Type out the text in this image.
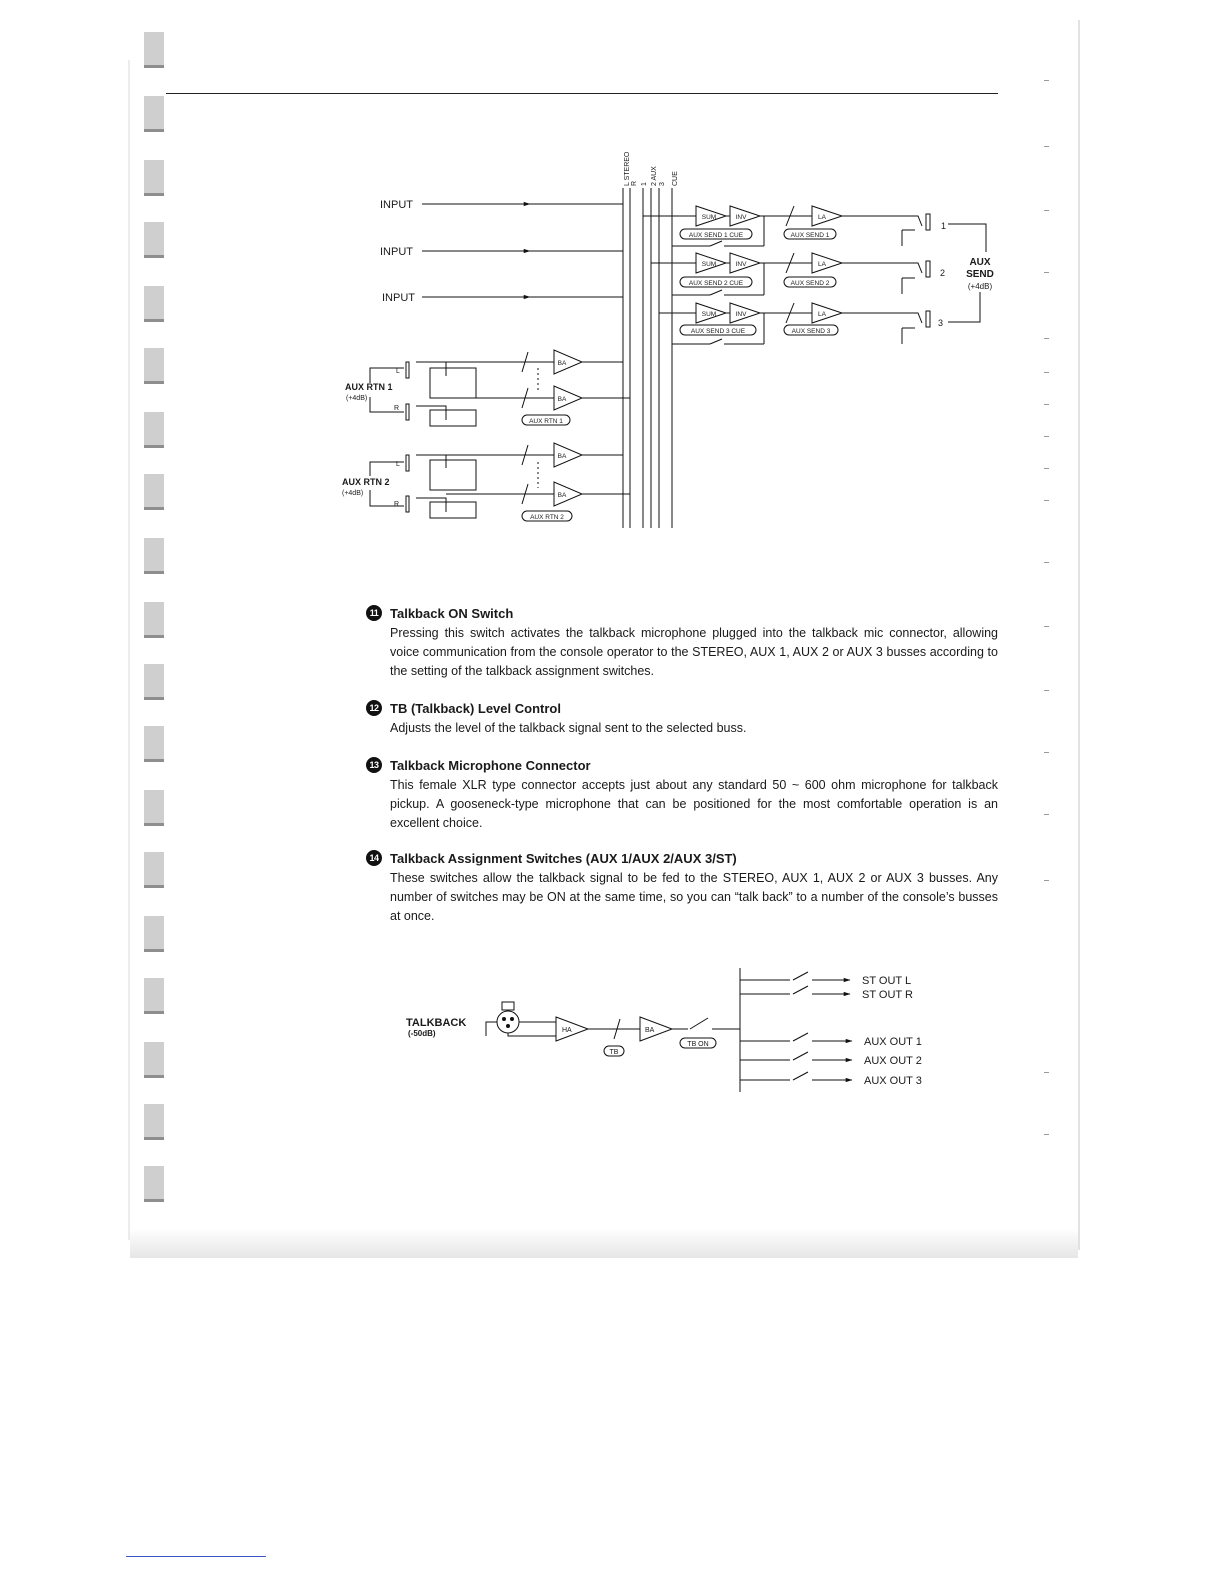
L STEREO R 1 2 AUX 3 CUE
INPUT
INPUT
INPUT
SUM	INV	LA
AUX SEND 1 CUE	AUX SEND 1
SUM	INV	LA
AUX SEND 2 CUE	AUX SEND 2
SUM	INV	LA
AUX SEND 3 CUE	AUX SEND 3
BA
BA
AUX RTN 1
BA
BA
AUX RTN 2
1
2
3
AUX
SEND
(+4dB)
L
R
AUX RTN 1
(+4dB)
L
R
AUX RTN 2
(+4dB)
11 Talkback ON Switch
Pressing this switch activates the talkback microphone plugged into the talkback mic connector, allowing voice communication from the console operator to the STEREO, AUX 1, AUX 2 or AUX 3 busses according to the setting of the talkback assignment switches.
12 TB (Talkback) Level Control
Adjusts the level of the talkback signal sent to the selected buss.
13 Talkback Microphone Connector
This female XLR type connector accepts just about any standard 50 ~ 600 ohm microphone for talkback pickup. A gooseneck-type microphone that can be positioned for the most comfortable operation is an excellent choice.
14 Talkback Assignment Switches (AUX 1/AUX 2/AUX 3/ST)
These switches allow the talkback signal to be fed to the STEREO, AUX 1, AUX 2 or AUX 3 busses. Any number of switches may be ON at the same time, so you can “talk back” to a number of the console’s busses at once.
TALKBACK
(-50dB)	HA	BA
TB
TB ON
ST OUT L
ST OUT R
AUX OUT 1
AUX OUT 2
AUX OUT 3
